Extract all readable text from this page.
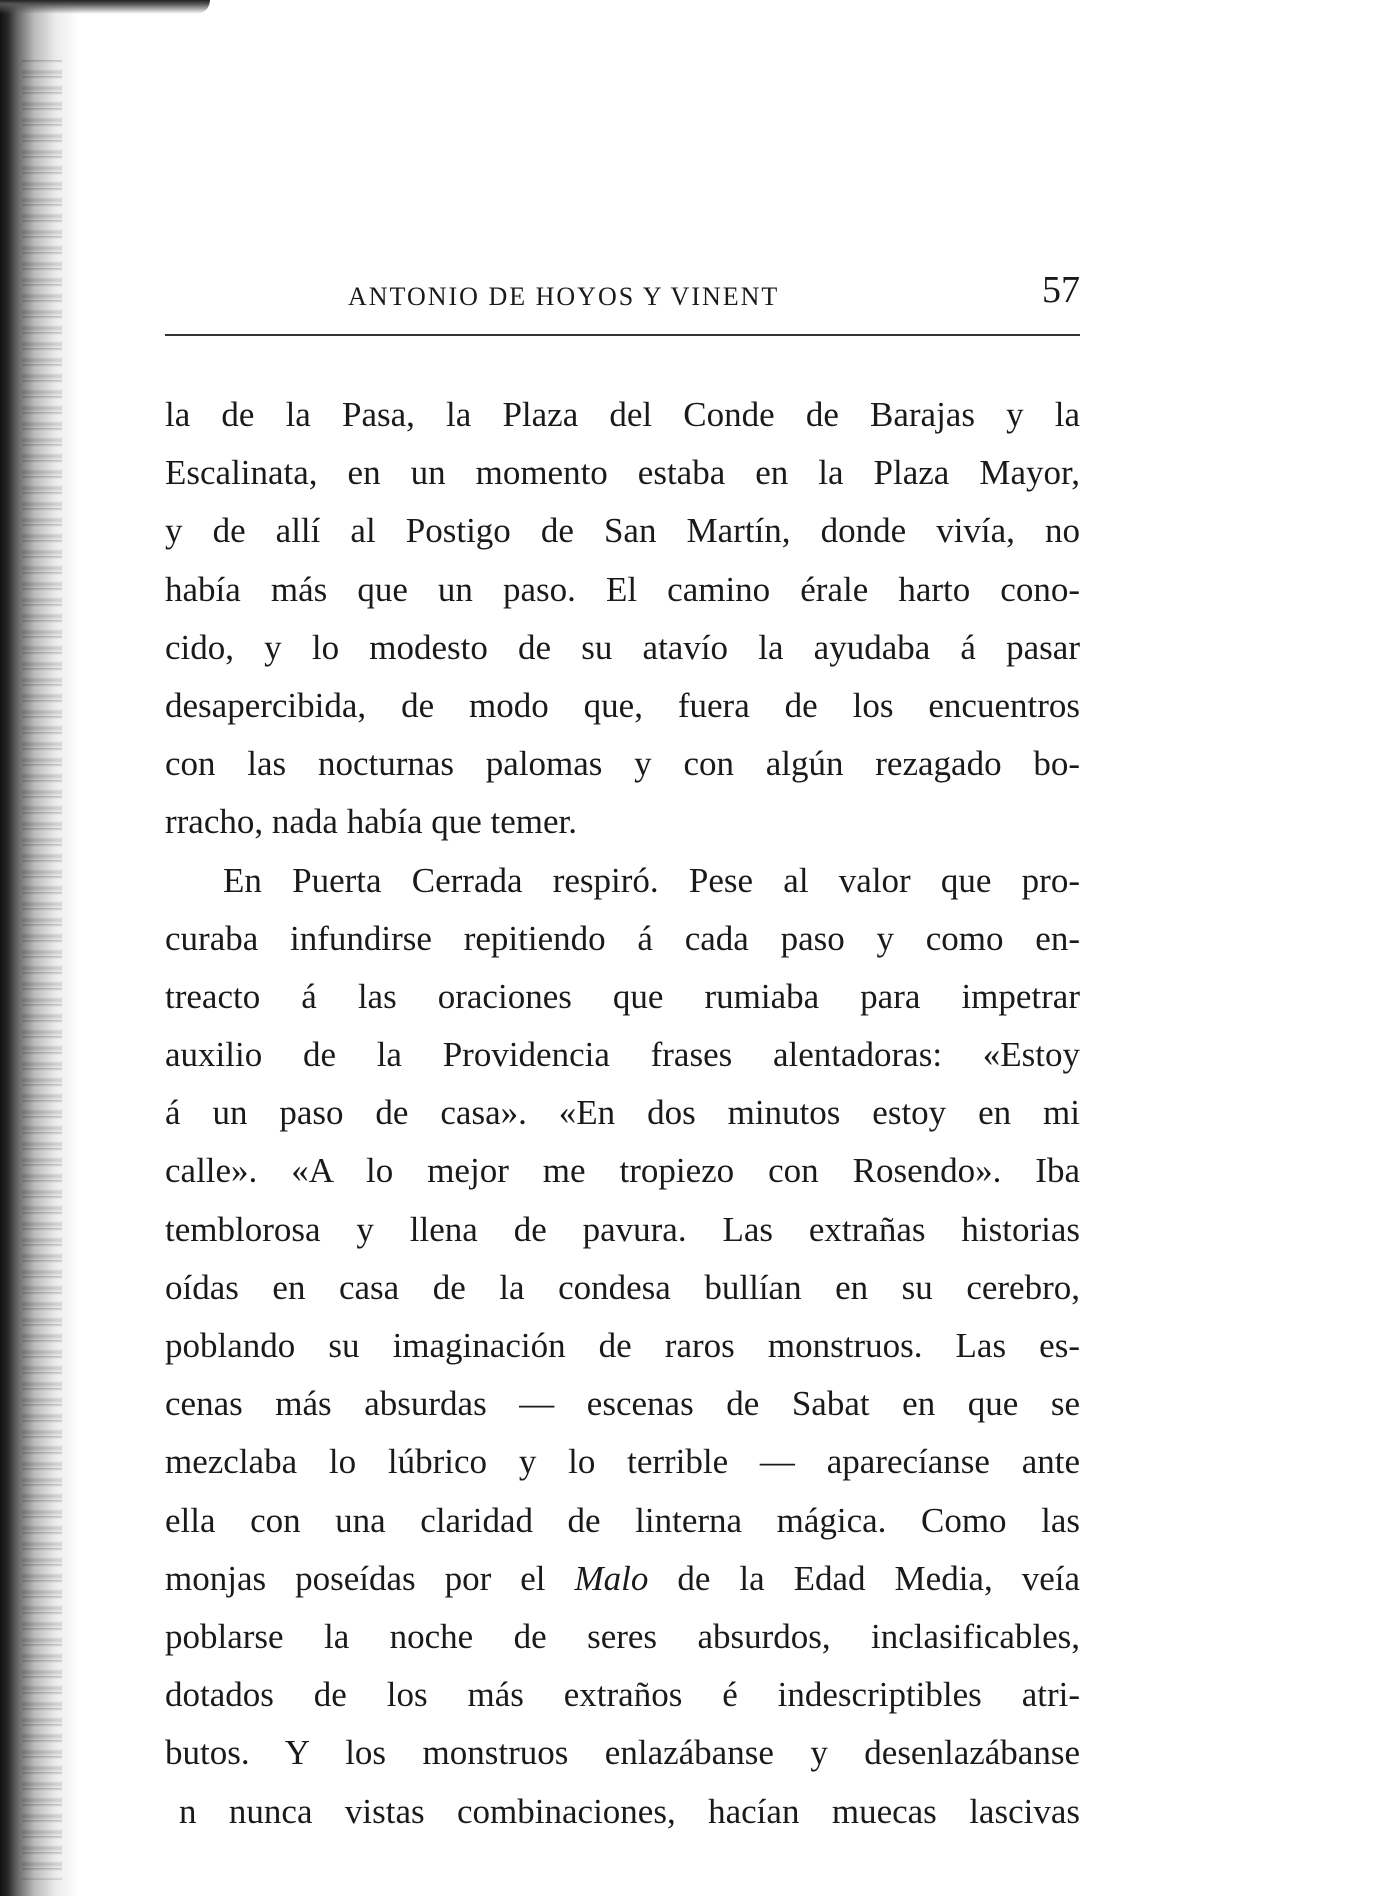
ANTONIO DE HOYOS Y VINENT	57
la de la Pasa, la Plaza del Conde de Barajas y la
Escalinata, en un momento estaba en la Plaza Mayor,
y de allí al Postigo de San Martín, donde vivía, no
había más que un paso. El camino érale harto cono-
cido, y lo modesto de su atavío la ayudaba á pasar
desapercibida, de modo que, fuera de los encuentros
con las nocturnas palomas y con algún rezagado bo-
rracho, nada había que temer.
En Puerta Cerrada respiró. Pese al valor que pro-
curaba infundirse repitiendo á cada paso y como en-
treacto á las oraciones que rumiaba para impetrar
auxilio de la Providencia frases alentadoras: «Estoy
á un paso de casa». «En dos minutos estoy en mi
calle». «A lo mejor me tropiezo con Rosendo». Iba
temblorosa y llena de pavura. Las extrañas historias
oídas en casa de la condesa bullían en su cerebro,
poblando su imaginación de raros monstruos. Las es-
cenas más absurdas — escenas de Sabat en que se
mezclaba lo lúbrico y lo terrible — aparecíanse ante
ella con una claridad de linterna mágica. Como las
monjas poseídas por el Malo de la Edad Media, veía
poblarse la noche de seres absurdos, inclasificables,
dotados de los más extraños é indescriptibles atri-
butos. Y los monstruos enlazábanse y desenlazábanse
n nunca vistas combinaciones, hacían muecas lascivas
